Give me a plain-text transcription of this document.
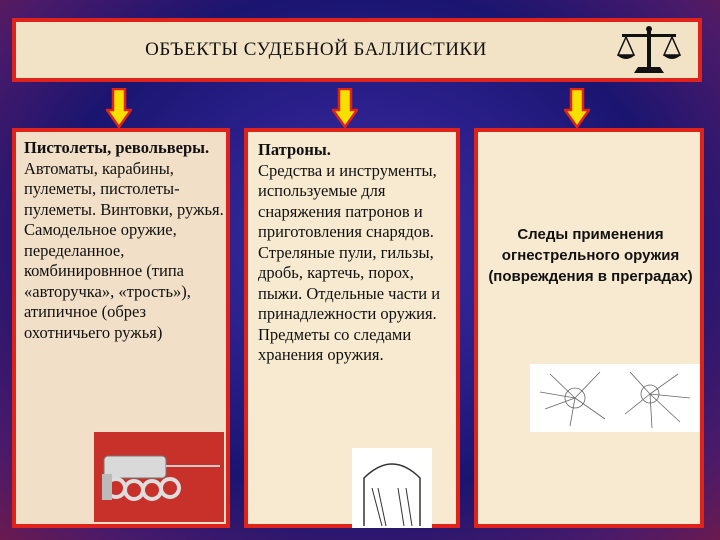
ОБЪЕКТЫ СУДЕБНОЙ БАЛЛИСТИКИ
Пистолеты, револьверы.
Автоматы, карабины, пулеметы, пистолеты-пулеметы. Винтовки, ружья. Самодельное оружие, переделанное, комбинировнное (типа «авторучка», «трость»), атипичное (обрез охотничьего ружья)
Патроны.
Средства и инструменты, используемые для снаряжения патронов и приготовления снарядов. Стреляные пули, гильзы, дробь, картечь, порох, пыжи. Отдельные части и принадлежности оружия. Предметы со следами хранения оружия.
Следы применения огнестрельного оружия (повреждения в преградах)
